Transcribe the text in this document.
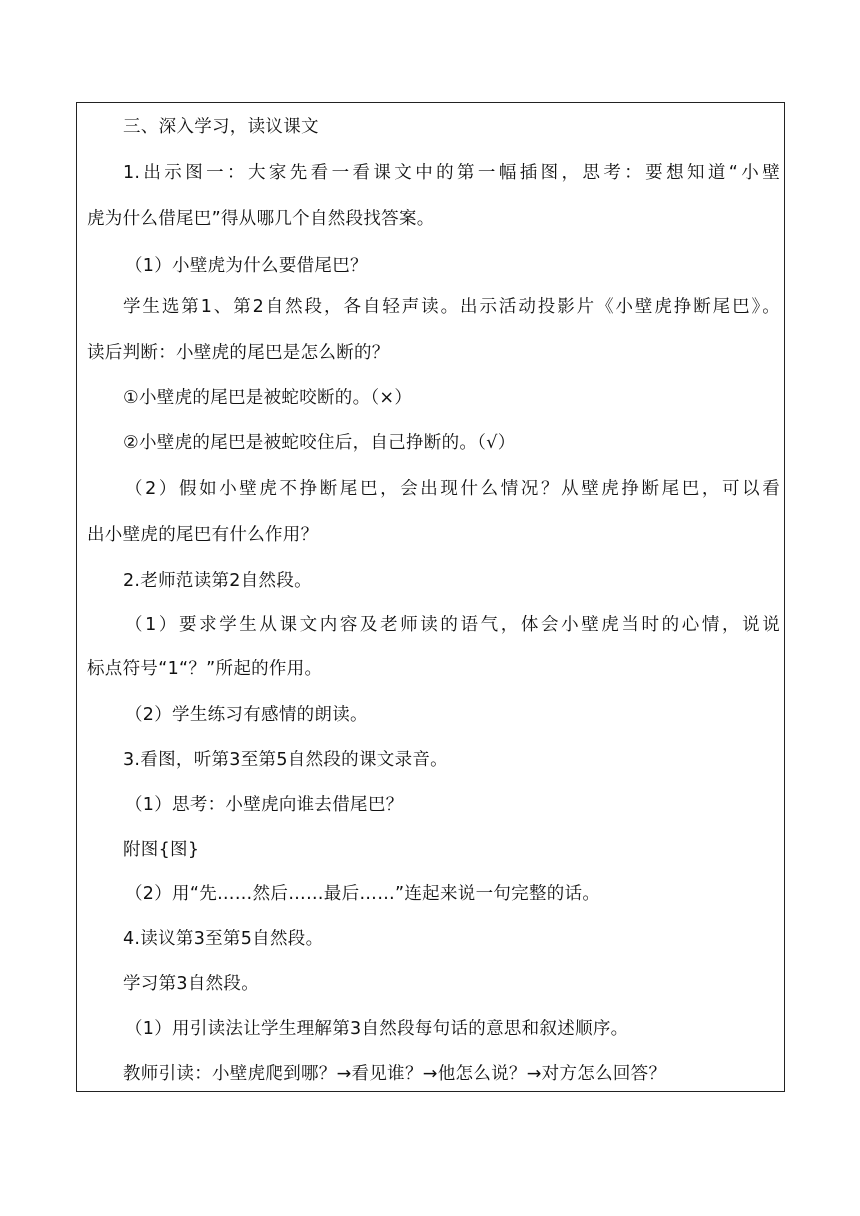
三、深入学习，读议课文
1.出示图一：大家先看一看课文中的第一幅插图，思考：要想知道“小壁
虎为什么借尾巴”得从哪几个自然段找答案。
（1）小壁虎为什么要借尾巴？
学生选第1、第2自然段，各自轻声读。出示活动投影片《小壁虎挣断尾巴》。
读后判断：小壁虎的尾巴是怎么断的？
①小壁虎的尾巴是被蛇咬断的。（×）
②小壁虎的尾巴是被蛇咬住后，自己挣断的。（√）
（2）假如小壁虎不挣断尾巴，会出现什么情况？从壁虎挣断尾巴，可以看
出小壁虎的尾巴有什么作用？
2.老师范读第2自然段。
（1）要求学生从课文内容及老师读的语气，体会小壁虎当时的心情，说说
标点符号“1“？”所起的作用。
（2）学生练习有感情的朗读。
3.看图，听第3至第5自然段的课文录音。
（1）思考：小壁虎向谁去借尾巴？
附图{图}
（2）用“先……然后……最后……”连起来说一句完整的话。
4.读议第3至第5自然段。
学习第3自然段。
（1）用引读法让学生理解第3自然段每句话的意思和叙述顺序。
教师引读：小壁虎爬到哪？→看见谁？→他怎么说？→对方怎么回答？
